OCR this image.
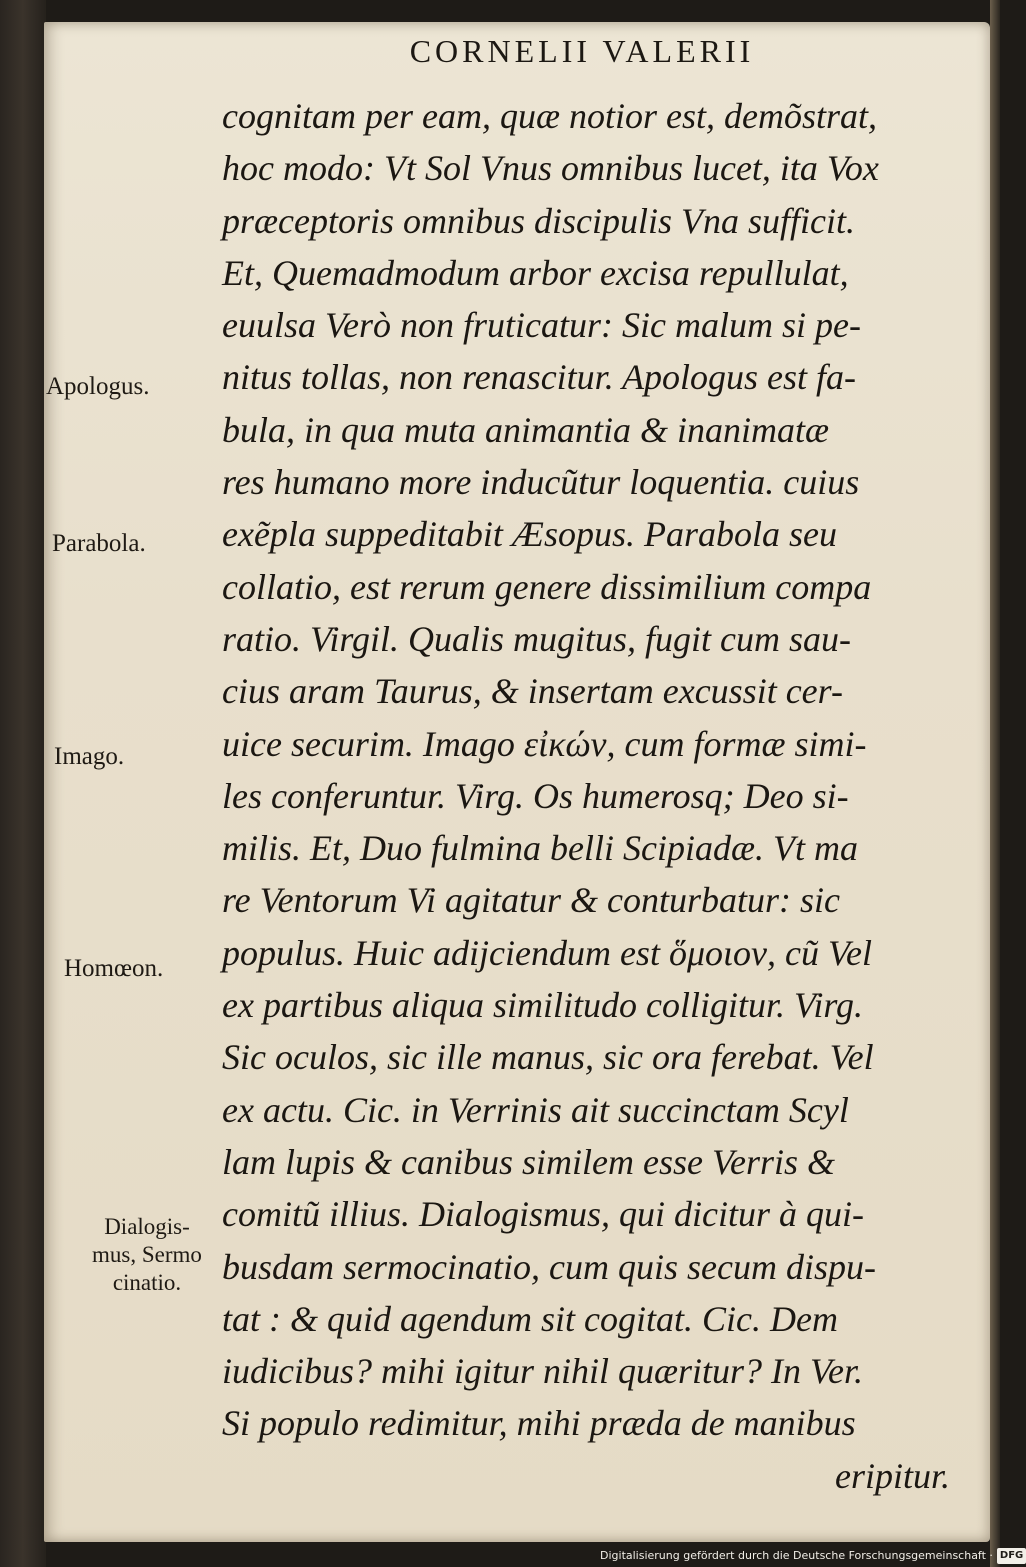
CORNELII VALERII
Apologus.
Parabola.
Imago.
Homœon.
Dialogis-
mus, Sermo
cinatio.
cognitam per eam, quæ notior est, demõstrat,
hoc modo: Vt Sol Vnus omnibus lucet, ita Vox
præceptoris omnibus discipulis Vna sufficit.
Et, Quemadmodum arbor excisa repullulat,
euulsa Verò non fruticatur: Sic malum si pe-
nitus tollas, non renascitur. Apologus est fa-
bula, in qua muta animantia & inanimatæ
res humano more inducũtur loquentia. cuius
exẽpla suppeditabit Æsopus. Parabola seu
collatio, est rerum genere dissimilium compa
ratio. Virgil. Qualis mugitus, fugit cum sau-
cius aram Taurus, & insertam excussit cer-
uice securim. Imago εἰκών, cum formæ simi-
les conferuntur. Virg. Os humerosq; Deo si-
milis. Et, Duo fulmina belli Scipiadæ. Vt ma
re Ventorum Vi agitatur & conturbatur: sic
populus. Huic adijciendum est ὅμοιον, cũ Vel
ex partibus aliqua similitudo colligitur. Virg.
Sic oculos, sic ille manus, sic ora ferebat. Vel
ex actu. Cic. in Verrinis ait succinctam Scyl
lam lupis & canibus similem esse Verris &
comitũ illius. Dialogismus, qui dicitur à qui-
busdam sermocinatio, cum quis secum dispu-
tat : & quid agendum sit cogitat. Cic. Dem
iudicibus? mihi igitur nihil quæritur? In Ver.
Si populo redimitur, mihi præda de manibus
eripitur.
Digitalisierung gefördert durch die Deutsche Forschungsgemeinschaft · DFG
